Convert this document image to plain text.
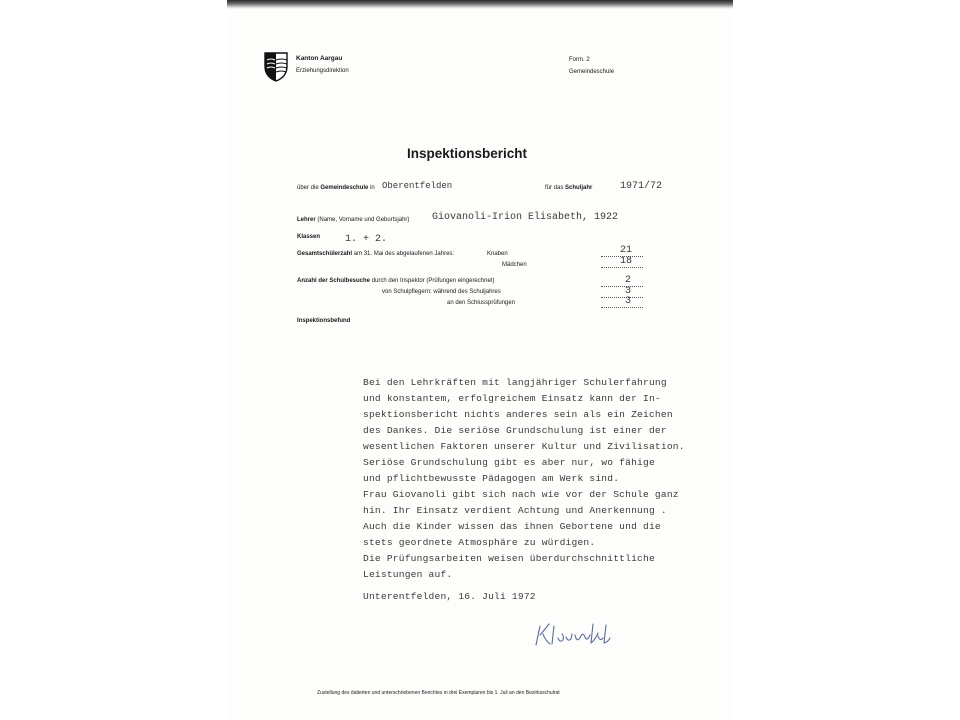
Kanton Aargau
Erziehungsdirektion
Form. 2
Gemeindeschule
Inspektionsbericht
über die Gemeindeschule in Oberentfelden	für das Schuljahr	1971/72
Lehrer (Name, Vorname und Geburtsjahr) Giovanoli-Irion Elisabeth, 1922
Klassen 1. + 2.
Gesamtschülerzahl am 31. Mai des abgelaufenen Jahres:	Knaben	21
Mädchen	18
Anzahl der Schulbesuche durch den Inspektor (Prüfungen eingerechnet)	2
von Schulpflegern: während des Schuljahres	3
an den Schlussprüfungen	3
Inspektionsbefund
Bei den Lehrkräften mit langjähriger Schulerfahrung
und konstantem, erfolgreichem Einsatz kann der In-
spektionsbericht nichts anderes sein als ein Zeichen
des Dankes. Die seriöse Grundschulung ist einer der
wesentlichen Faktoren unserer Kultur und Zivilisation.
Seriöse Grundschulung gibt es aber nur, wo fähige
und pflichtbewusste Pädagogen am Werk sind.
Frau Giovanoli gibt sich nach wie vor der Schule ganz
hin. Ihr Einsatz verdient Achtung und Anerkennung .
Auch die Kinder wissen das ihnen Gebortene und die
stets geordnete Atmosphäre zu würdigen.
Die Prüfungsarbeiten weisen überdurchschnittliche
Leistungen auf.
Unterentfelden, 16. Juli 1972
Zustellung des datierten und unterschriebenen Berichtes in drei Exemplaren bis 1. Juli an den Bezirksschulrat
